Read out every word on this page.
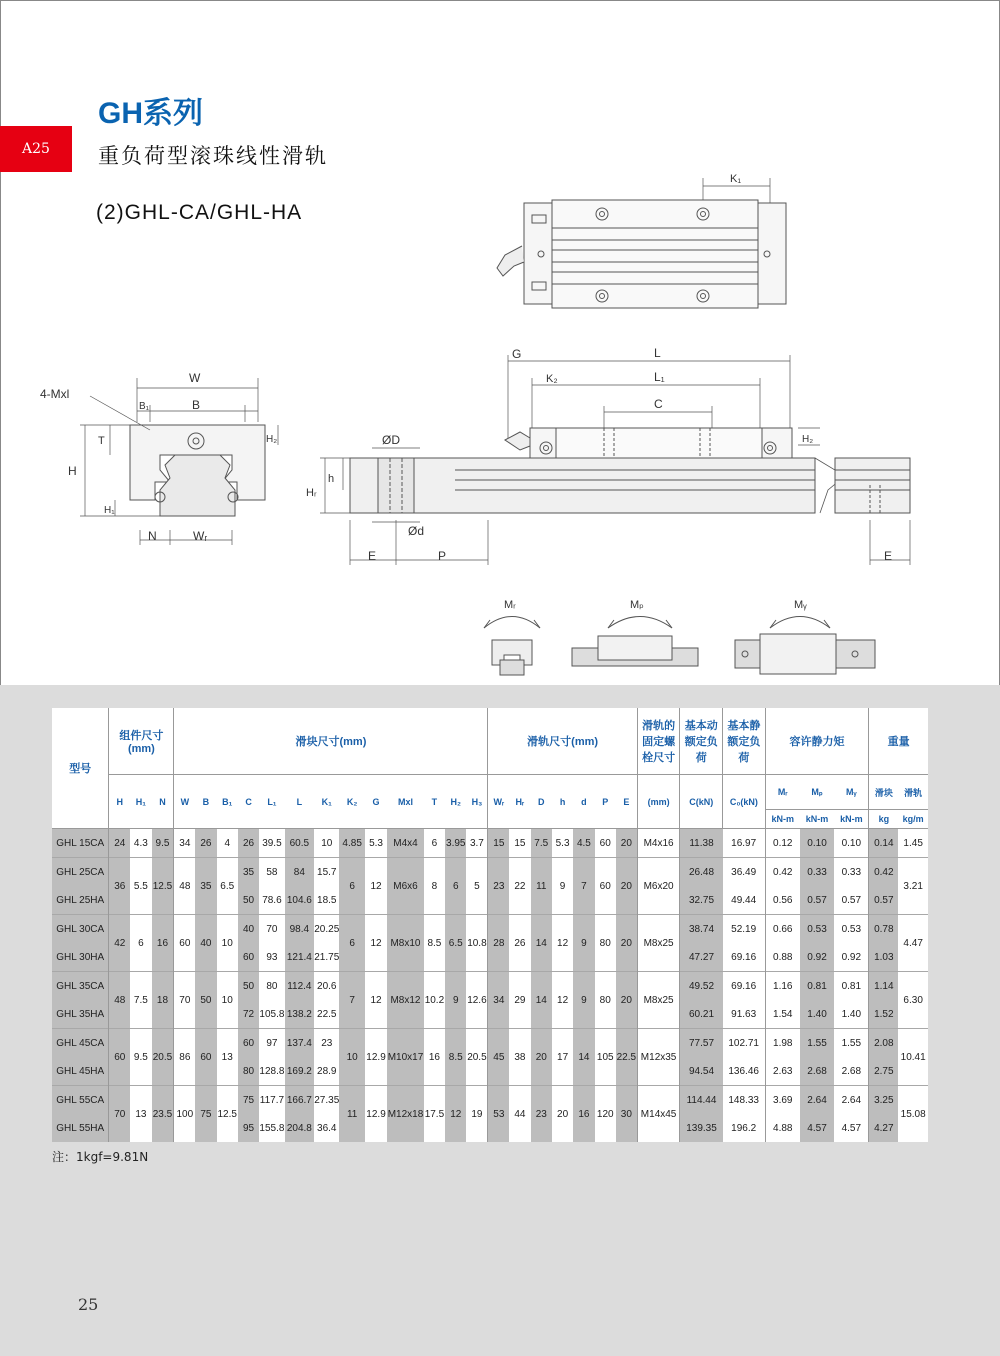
A25
GH系列
重负荷型滚珠线性滑轨
(2)GHL-CA/GHL-HA
K₁
4-Mxl
W
B₁	B
T
H
H₂
H₁
N	Wᵣ
G	L
K₂	L₁
C
H₂
ØD
h
Hᵣ
Ød
E	P	E
Mᵣ	Mₚ	Mᵧ
型号	组件尺寸(mm)			滑块尺寸(mm)													滑轨尺寸(mm)							滑轨的固定螺栓尺寸	基本动额定负荷	基本静额定负荷	容许静力矩			重量	
	H	H₁	N	W	B	B₁	C	L₁	L	K₁	K₂	G	Mxl	T	H₂	H₃	Wᵣ	Hᵣ	D	h	d	P	E	(mm)	C(kN)	C₀(kN)	Mᵣ	Mₚ	Mᵧ	滑块	滑轨
																											kN-m	kN-m	kN-m	kg	kg/m
GHL 15CA	24	4.3	9.5	34	26	4	26	39.5	60.5	10	4.85	5.3	M4x4	6	3.95	3.7	15	15	7.5	5.3	4.5	60	20	M4x16	11.38	16.97	0.12	0.10	0.10	0.14	1.45
GHL 25CA	36	5.5	12.5	48	35	6.5	35	58	84	15.7	6	12	M6x6	8	6	5	23	22	11	9	7	60	20	M6x20	26.48	36.49	0.42	0.33	0.33	0.42	3.21
GHL 25HA							50	78.6	104.6	18.5															32.75	49.44	0.56	0.57	0.57	0.57	
GHL 30CA	42	6	16	60	40	10	40	70	98.4	20.25	6	12	M8x10	8.5	6.5	10.8	28	26	14	12	9	80	20	M8x25	38.74	52.19	0.66	0.53	0.53	0.78	4.47
GHL 30HA							60	93	121.4	21.75															47.27	69.16	0.88	0.92	0.92	1.03	
GHL 35CA	48	7.5	18	70	50	10	50	80	112.4	20.6	7	12	M8x12	10.2	9	12.6	34	29	14	12	9	80	20	M8x25	49.52	69.16	1.16	0.81	0.81	1.14	6.30
GHL 35HA							72	105.8	138.2	22.5															60.21	91.63	1.54	1.40	1.40	1.52	
GHL 45CA	60	9.5	20.5	86	60	13	60	97	137.4	23	10	12.9	M10x17	16	8.5	20.5	45	38	20	17	14	105	22.5	M12x35	77.57	102.71	1.98	1.55	1.55	2.08	10.41
GHL 45HA							80	128.8	169.2	28.9															94.54	136.46	2.63	2.68	2.68	2.75	
GHL 55CA	70	13	23.5	100	75	12.5	75	117.7	166.7	27.35	11	12.9	M12x18	17.5	12	19	53	44	23	20	16	120	30	M14x45	114.44	148.33	3.69	2.64	2.64	3.25	15.08
GHL 55HA							95	155.8	204.8	36.4															139.35	196.2	4.88	4.57	4.57	4.27	
注：1kgf=9.81N
25
